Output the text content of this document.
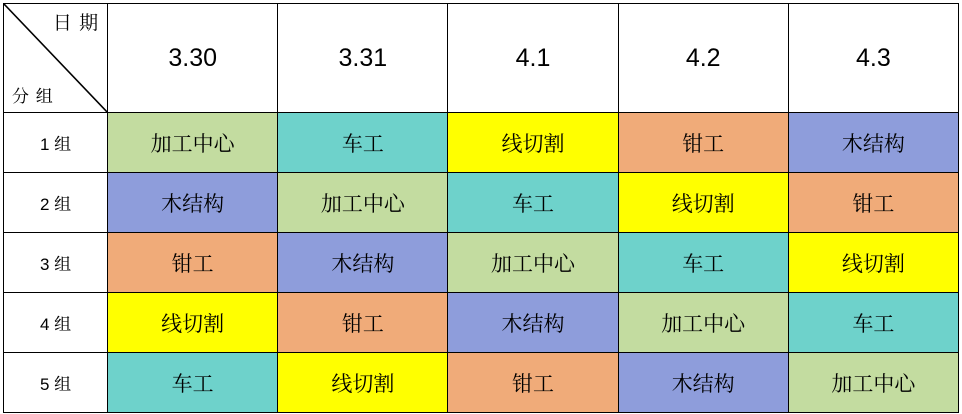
日 期
分 组	3.30	3.31	4.1	4.2	4.3
1 组	加工中心	车工	线切割	钳工	木结构
2 组	木结构	加工中心	车工	线切割	钳工
3 组	钳工	木结构	加工中心	车工	线切割
4 组	线切割	钳工	木结构	加工中心	车工
5 组	车工	线切割	钳工	木结构	加工中心
